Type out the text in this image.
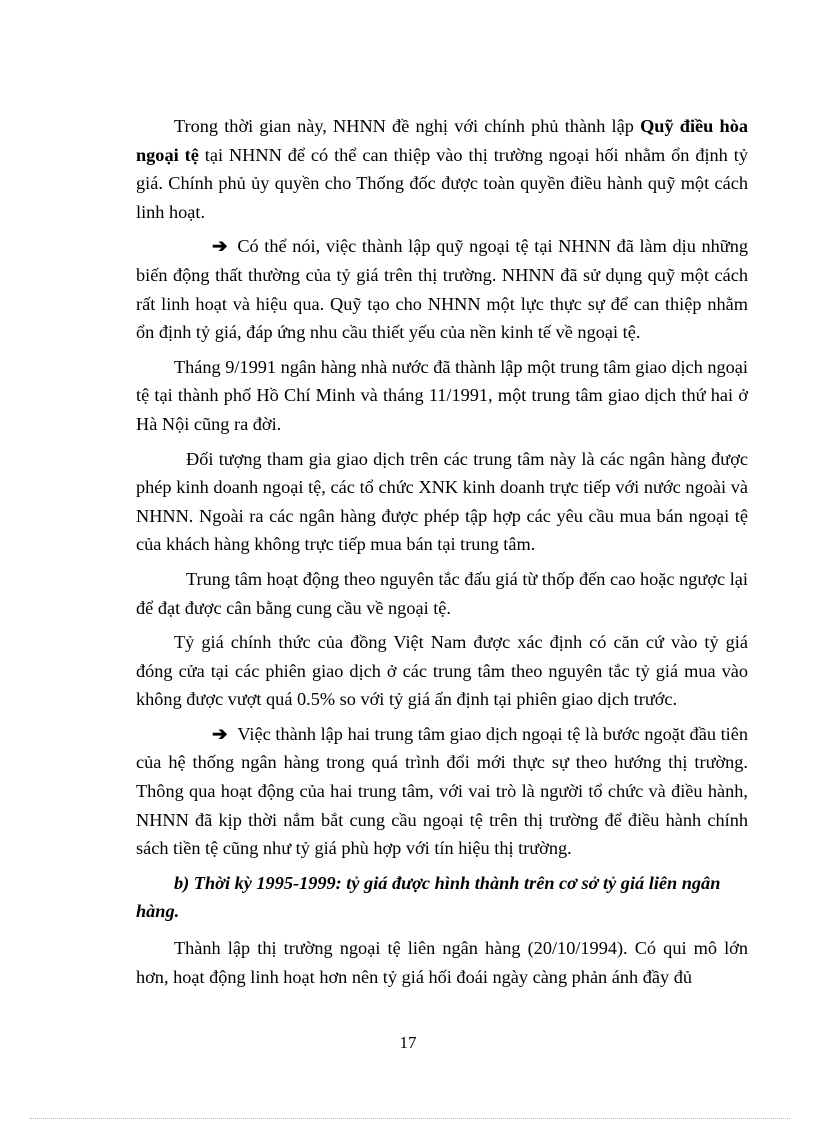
Trong thời gian này, NHNN đề nghị với chính phủ thành lập Quỹ điều hòa ngoại tệ tại NHNN để có thể can thiệp vào thị trường ngoại hối nhằm ổn định tỷ giá. Chính phủ ủy quyền cho Thống đốc được toàn quyền điều hành quỹ một cách linh hoạt.

➔ Có thể nói, việc thành lập quỹ ngoại tệ tại NHNN đã làm dịu những biến động thất thường của tỷ giá trên thị trường. NHNN đã sử dụng quỹ một cách rất linh hoạt và hiệu qua. Quỹ tạo cho NHNN một lực thực sự để can thiệp nhằm ổn định tỷ giá, đáp ứng nhu cầu thiết yếu của nền kinh tế về ngoại tệ.

Tháng 9/1991 ngân hàng nhà nước đã thành lập một trung tâm giao dịch ngoại tệ tại thành phố Hồ Chí Minh và tháng 11/1991, một trung tâm giao dịch thứ hai ở Hà Nội cũng ra đời.

Đối tượng tham gia giao dịch trên các trung tâm này là các ngân hàng được phép kinh doanh ngoại tệ, các tổ chức XNK kinh doanh trực tiếp với nước ngoài và NHNN. Ngoài ra các ngân hàng được phép tập hợp các yêu cầu mua bán ngoại tệ của khách hàng không trực tiếp mua bán tại trung tâm.

Trung tâm hoạt động theo nguyên tắc đấu giá từ thốp đến cao hoặc ngược lại để đạt được cân bằng cung cầu về ngoại tệ.

Tỷ giá chính thức của đồng Việt Nam được xác định có căn cứ vào tỷ giá đóng cửa tại các phiên giao dịch ở các trung tâm theo nguyên tắc tỷ giá mua vào không được vượt quá 0.5% so với tỷ giá ấn định tại phiên giao dịch trước.

➔ Việc thành lập hai trung tâm giao dịch ngoại tệ là bước ngoặt đầu tiên của hệ thống ngân hàng trong quá trình đổi mới thực sự theo hướng thị trường. Thông qua hoạt động của hai trung tâm, với vai trò là người tổ chức và điều hành, NHNN đã kịp thời nắm bắt cung cầu ngoại tệ trên thị trường để điều hành chính sách tiền tệ cũng như tỷ giá phù hợp với tín hiệu thị trường.

b) Thời kỳ 1995-1999: tỷ giá được hình thành trên cơ sở tỷ giá liên ngân hàng.

Thành lập thị trường ngoại tệ liên ngân hàng (20/10/1994). Có qui mô lớn hơn, hoạt động linh hoạt hơn nên tỷ giá hối đoái ngày càng phản ánh đầy đủ

17
